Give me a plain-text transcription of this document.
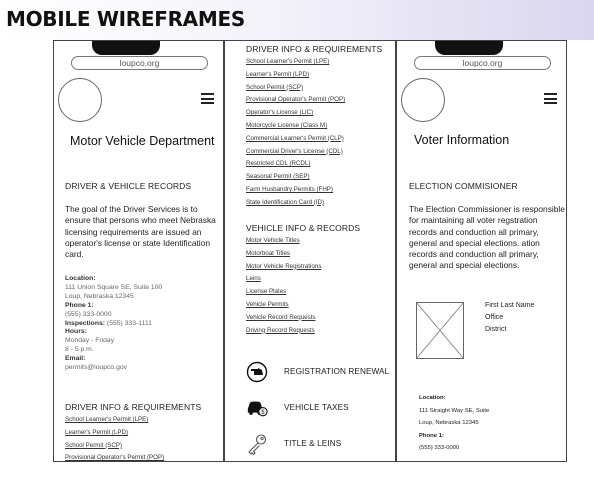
MOBILE WIREFRAMES
loupco.org
Motor Vehicle Department
DRIVER & VEHICLE RECORDS
The goal of the Driver Services is to ensure that persons who meet Nebraska licensing requirements are issued an operator's license or state Identification card.
Location:
111 Union Square SE, Suite 100
Loup, Nebraska 12345
Phone 1:
(555) 333-0000
Inspections: (555) 333-1111
Hours:
Monday - Friday
8 - 5 p.m.
Email:
permits@loupco.gov
DRIVER INFO & REQUIREMENTS
School Learner's Permit (LPE)
Learner's Permit (LPD)
School Permit (SCP)
Provisional Operator's Permit (POP)
DRIVER INFO & REQUIREMENTS
School Learner's Permit (LPE)
Learner's Permit (LPD)
School Permit (SCP)
Provisional Operator's Permit (POP)
Operator's License (LIC)
Motorcycle License (Class M)
Commercial Learner's Permit (CLP)
Commercial Driver's License (CDL)
Restricted CDL (RCDL)
Seasonal Permit (SEP)
Farm Husbandry Permits (FHP)
State Identification Card (ID)
VEHICLE INFO & RECORDS
Motor Vehicle Titles
Motorboat Titles
Motor Vehicle Registrations
Leins
License Plates
Vehicle Permits
Vehicle Record Requests
Driving Record Requests
REGISTRATION RENEWAL
$
VEHICLE TAXES
TITLE & LEINS
loupco.org
Voter Information
ELECTION COMMISIONER
The Election Commissioner is responsible for maintaining all voter regstration records and conduction all primary, general and special elections. ation records and conduction all primary, general and special elections.
First Last Name
Office
District
Location:
111 Straight Way SE, Suite
Loup, Nebraska 12345
Phone 1:
(555) 333-0000
